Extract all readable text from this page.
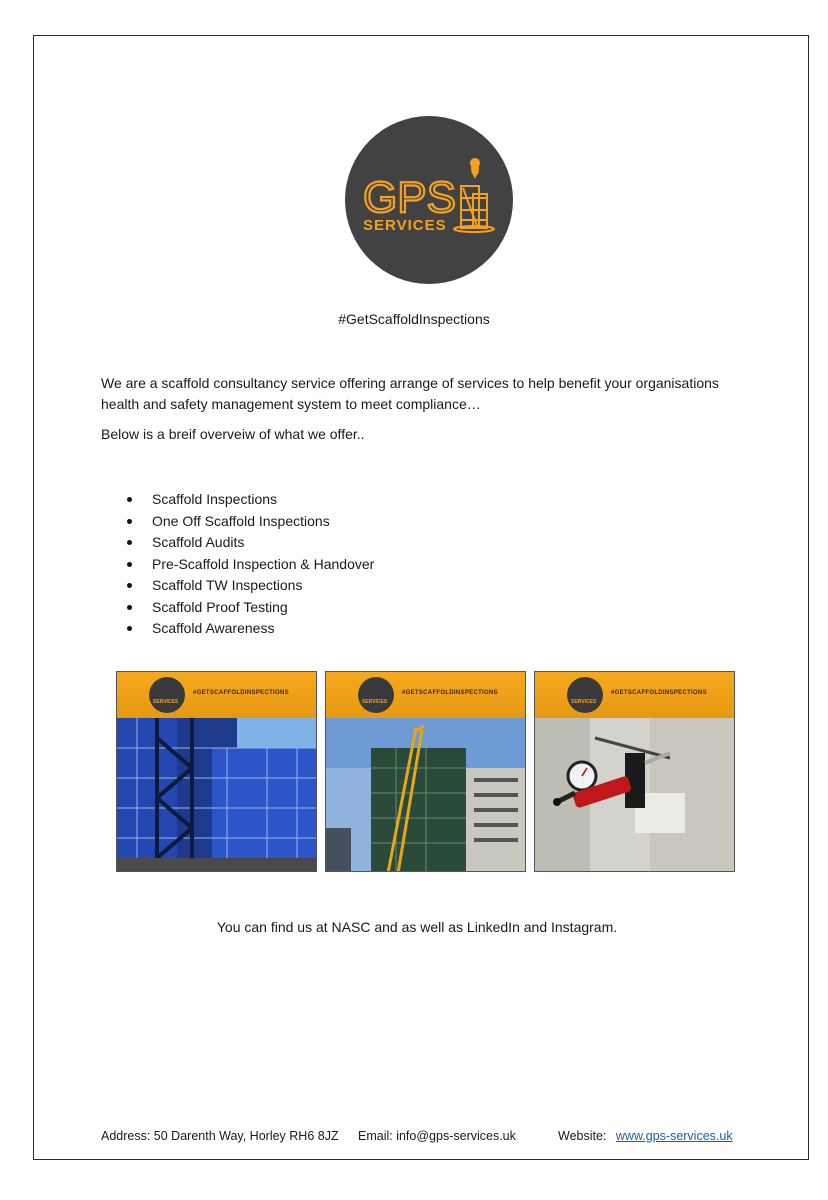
GPS
SERVICES
#GetScaffoldInspections

We are a scaffold consultancy service offering arrange of services to help benefit your organisations health and safety management system to meet compliance…

Below is a breif overveiw of what we offer..

Scaffold Inspections
One Off Scaffold Inspections
Scaffold Audits
Pre-Scaffold Inspection & Handover
Scaffold TW Inspections
Scaffold Proof Testing
Scaffold Awareness
SERVICES
#GETSCAFFOLDINSPECTIONS
SERVICES
#GETSCAFFOLDINSPECTIONS
SERVICES
#GETSCAFFOLDINSPECTIONS
You can find us at NASC and as well as LinkedIn and Instagram.
Address: 50 Darenth Way, Horley RH6 8JZ Email: info@gps-services.uk	Website: www.gps-services.uk
